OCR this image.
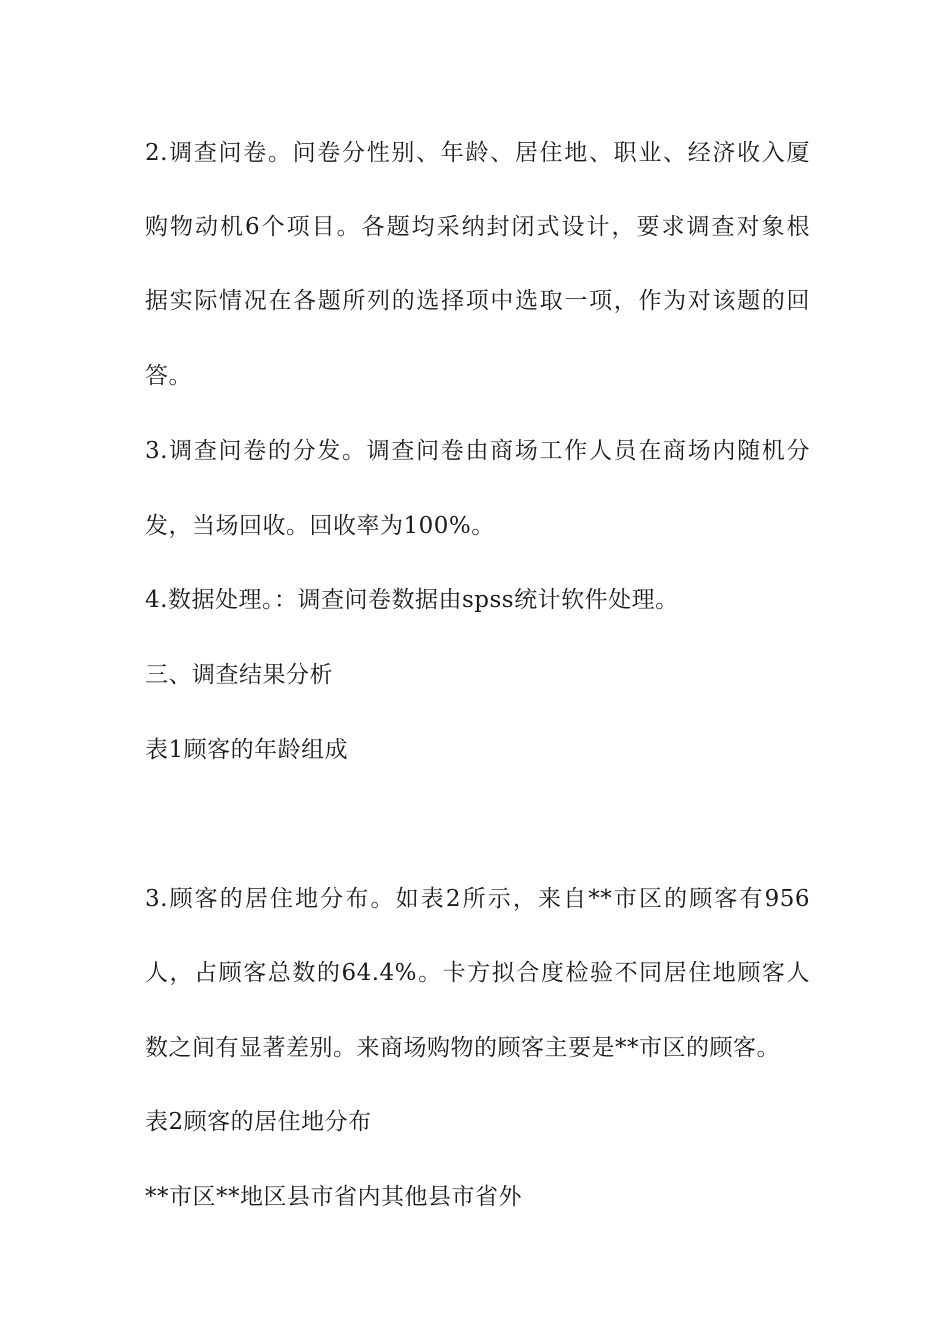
2.调查问卷。问卷分性别、年龄、居住地、职业、经济收入厦
购物动机6个项目。各题均采纳封闭式设计，要求调查对象根
据实际情况在各题所列的选择项中选取一项，作为对该题的回
答。
3.调查问卷的分发。调查问卷由商场工作人员在商场内随机分
发，当场回收。回收率为100%。
4.数据处理。：调查问卷数据由spss统计软件处理。
三、调查结果分析
表1顾客的年龄组成
3.顾客的居住地分布。如表2所示，来自**市区的顾客有956
人，占顾客总数的64.4%。卡方拟合度检验不同居住地顾客人
数之间有显著差别。来商场购物的顾客主要是**市区的顾客。
表2顾客的居住地分布
**市区**地区县市省内其他县市省外
